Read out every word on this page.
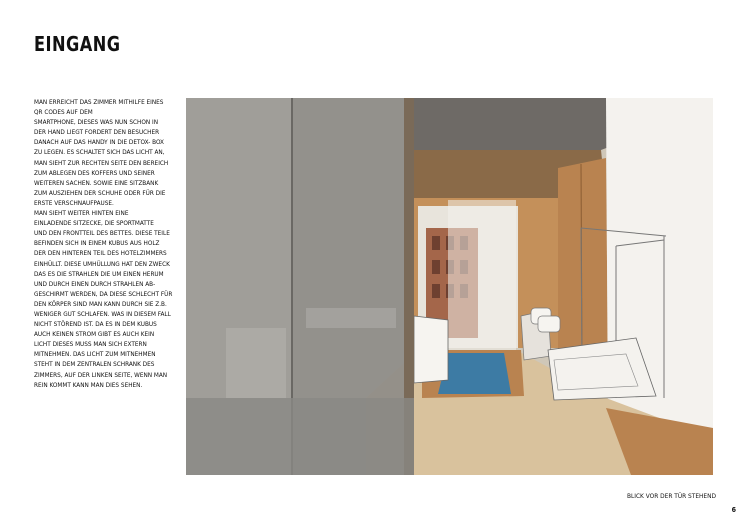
EINGANG
MAN ERREICHT DAS ZIMMER MITHILFE EINES
QR CODES AUF DEM
SMARTPHONE, DIESES WAS NUN SCHON IN
DER HAND LIEGT FORDERT DEN BESUCHER
DANACH AUF DAS HANDY IN DIE DETOX- BOX
ZU LEGEN. ES SCHALTET SICH DAS LICHT AN,
MAN SIEHT ZUR RECHTEN SEITE DEN BEREICH
ZUM ABLEGEN DES KOFFERS UND SEINER
WEITEREN SACHEN. SOWIE EINE SITZBANK
ZUM AUSZIEHEN DER SCHUHE ODER FÜR DIE
ERSTE VERSCHNAUFPAUSE.
MAN SIEHT WEITER HINTEN EINE
EINLADENDE SITZECKE, DIE SPORTMATTE
UND DEN FRONTTEIL DES BETTES. DIESE TEILE
BEFINDEN SICH IN EINEM KUBUS AUS HOLZ
DER DEN HINTEREN TEIL DES HOTELZIMMERS
EINHÜLLT. DIESE UMHÜLLUNG HAT DEN ZWECK
DAS ES DIE STRAHLEN DIE UM EINEN HERUM
UND DURCH EINEN DURCH STRAHLEN AB-
GESCHIRMT WERDEN, DA DIESE SCHLECHT FÜR
DEN KÖRPER SIND MAN KANN DURCH SIE Z.B.
WENIGER GUT SCHLAFEN. WAS IN DIESEM FALL
NICHT STÖREND IST. DA ES IN DEM KUBUS
AUCH KEINEN STROM GIBT ES AUCH KEIN
LICHT DIESES MUSS MAN SICH EXTERN
MITNEHMEN. DAS LICHT ZUM MITNEHMEN
STEHT IN DEM ZENTRALEN SCHRANK DES
ZIMMERS, AUF DER LINKEN SEITE, WENN MAN
REIN KOMMT KANN MAN DIES SEHEN.
BLICK VOR DER TÜR STEHEND
6
